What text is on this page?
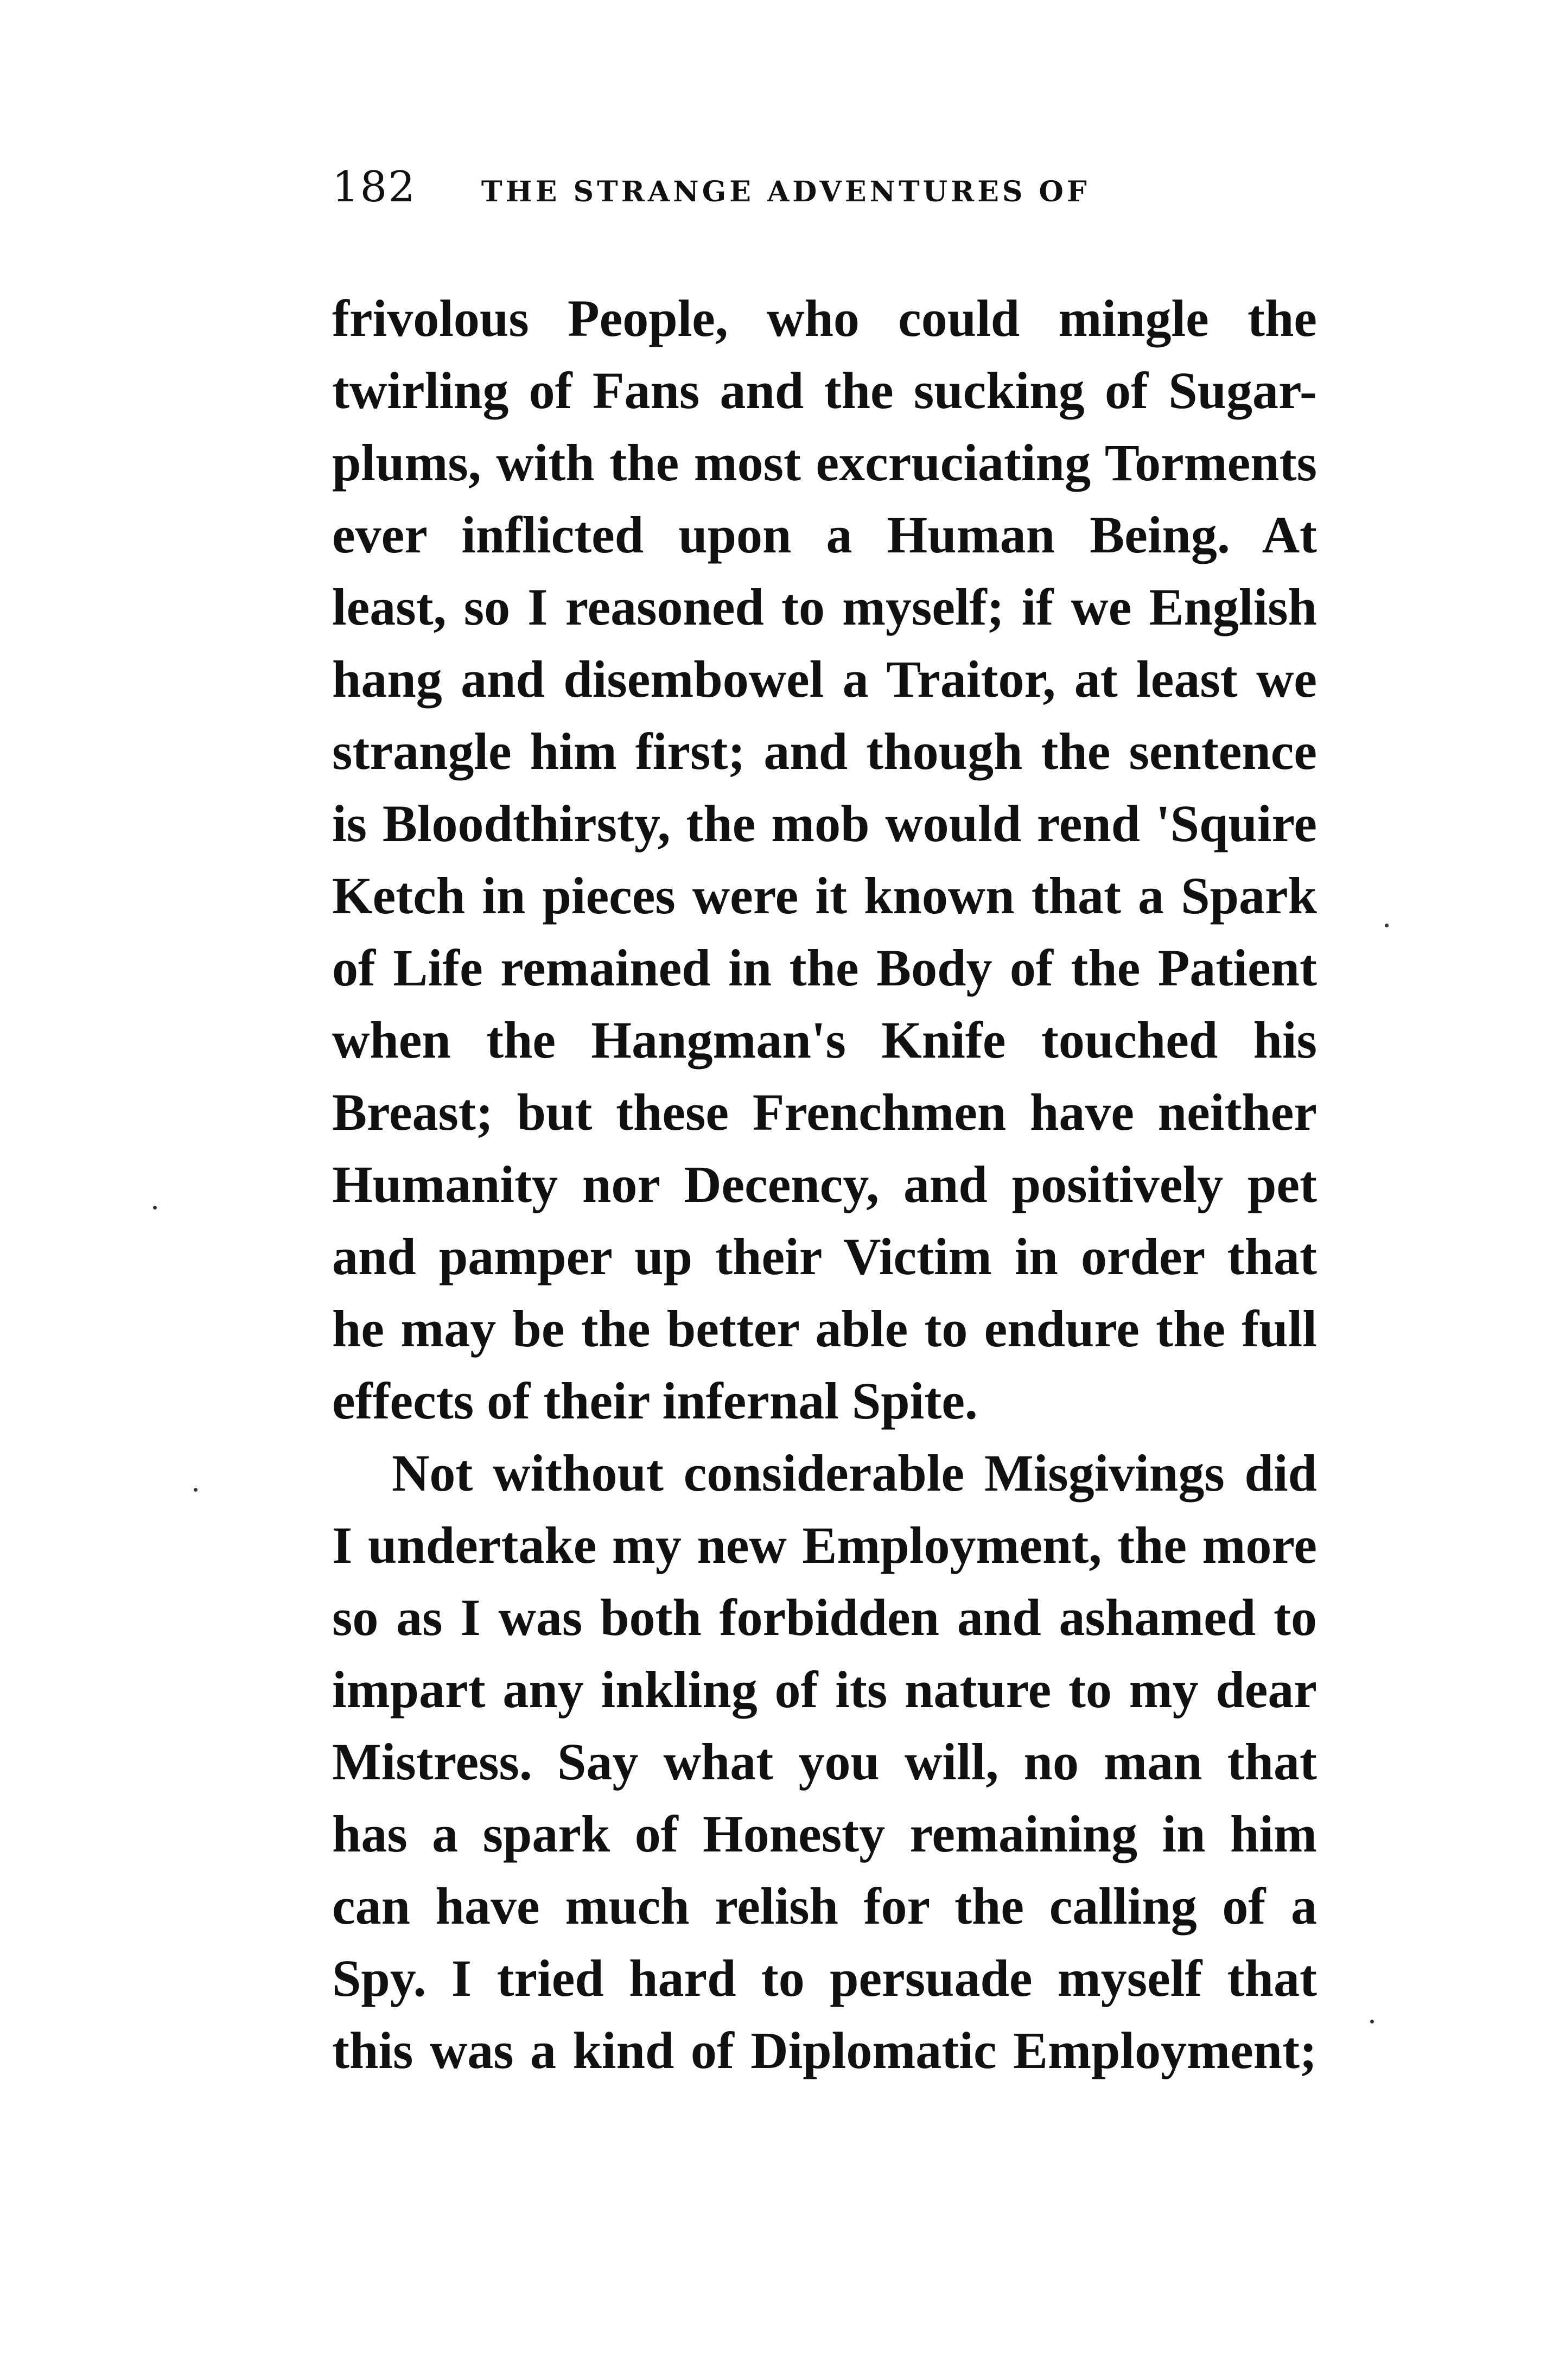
182 THE STRANGE ADVENTURES OF
frivolous People, who could mingle the
twirling of Fans and the sucking of Sugar-
plums, with the most excruciating Torments
ever inflicted upon a Human Being. At
least, so I reasoned to myself; if we English
hang and disembowel a Traitor, at least we
strangle him first; and though the sentence
is Bloodthirsty, the mob would rend 'Squire
Ketch in pieces were it known that a Spark
of Life remained in the Body of the Patient
when the Hangman's Knife touched his
Breast; but these Frenchmen have neither
Humanity nor Decency, and positively pet
and pamper up their Victim in order that
he may be the better able to endure the full
effects of their infernal Spite.
Not without considerable Misgivings did
I undertake my new Employment, the more
so as I was both forbidden and ashamed to
impart any inkling of its nature to my dear
Mistress. Say what you will, no man that
has a spark of Honesty remaining in him
can have much relish for the calling of a
Spy. I tried hard to persuade myself that
this was a kind of Diplomatic Employment;
